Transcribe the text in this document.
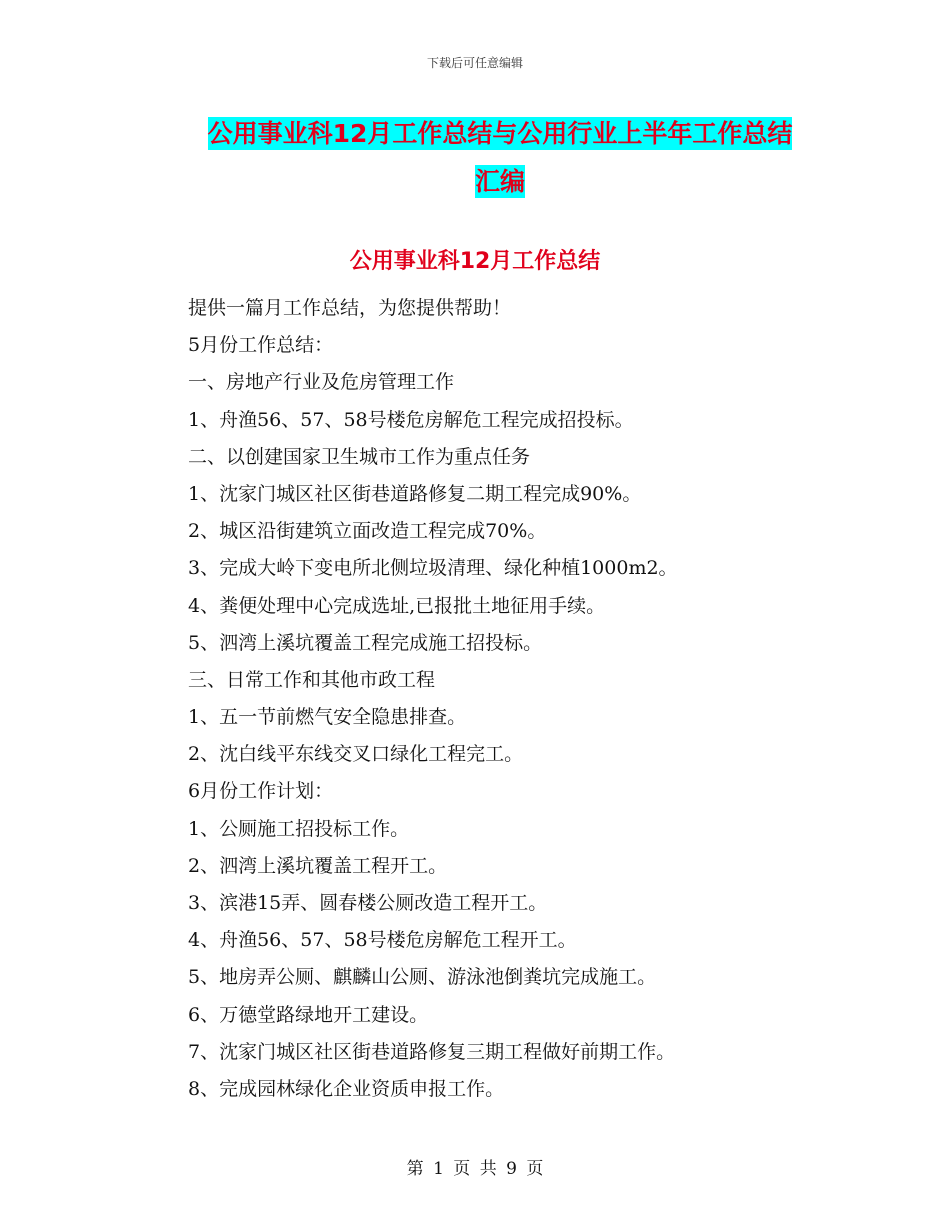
下载后可任意编辑
公用事业科12月工作总结与公用行业上半年工作总结
汇编
公用事业科12月工作总结
提供一篇月工作总结，为您提供帮助！
5月份工作总结：
一、房地产行业及危房管理工作
1、舟渔56、57、58号楼危房解危工程完成招投标。
二、以创建国家卫生城市工作为重点任务
1、沈家门城区社区街巷道路修复二期工程完成90%。
2、城区沿街建筑立面改造工程完成70%。
3、完成大岭下变电所北侧垃圾清理、绿化种植1000m2。
4、粪便处理中心完成选址,已报批土地征用手续。
5、泗湾上溪坑覆盖工程完成施工招投标。
三、日常工作和其他市政工程
1、五一节前燃气安全隐患排查。
2、沈白线平东线交叉口绿化工程完工。
6月份工作计划：
1、公厕施工招投标工作。
2、泗湾上溪坑覆盖工程开工。
3、滨港15弄、圆春楼公厕改造工程开工。
4、舟渔56、57、58号楼危房解危工程开工。
5、地房弄公厕、麒麟山公厕、游泳池倒粪坑完成施工。
6、万德堂路绿地开工建设。
7、沈家门城区社区街巷道路修复三期工程做好前期工作。
8、完成园林绿化企业资质申报工作。
第 1 页 共 9 页
